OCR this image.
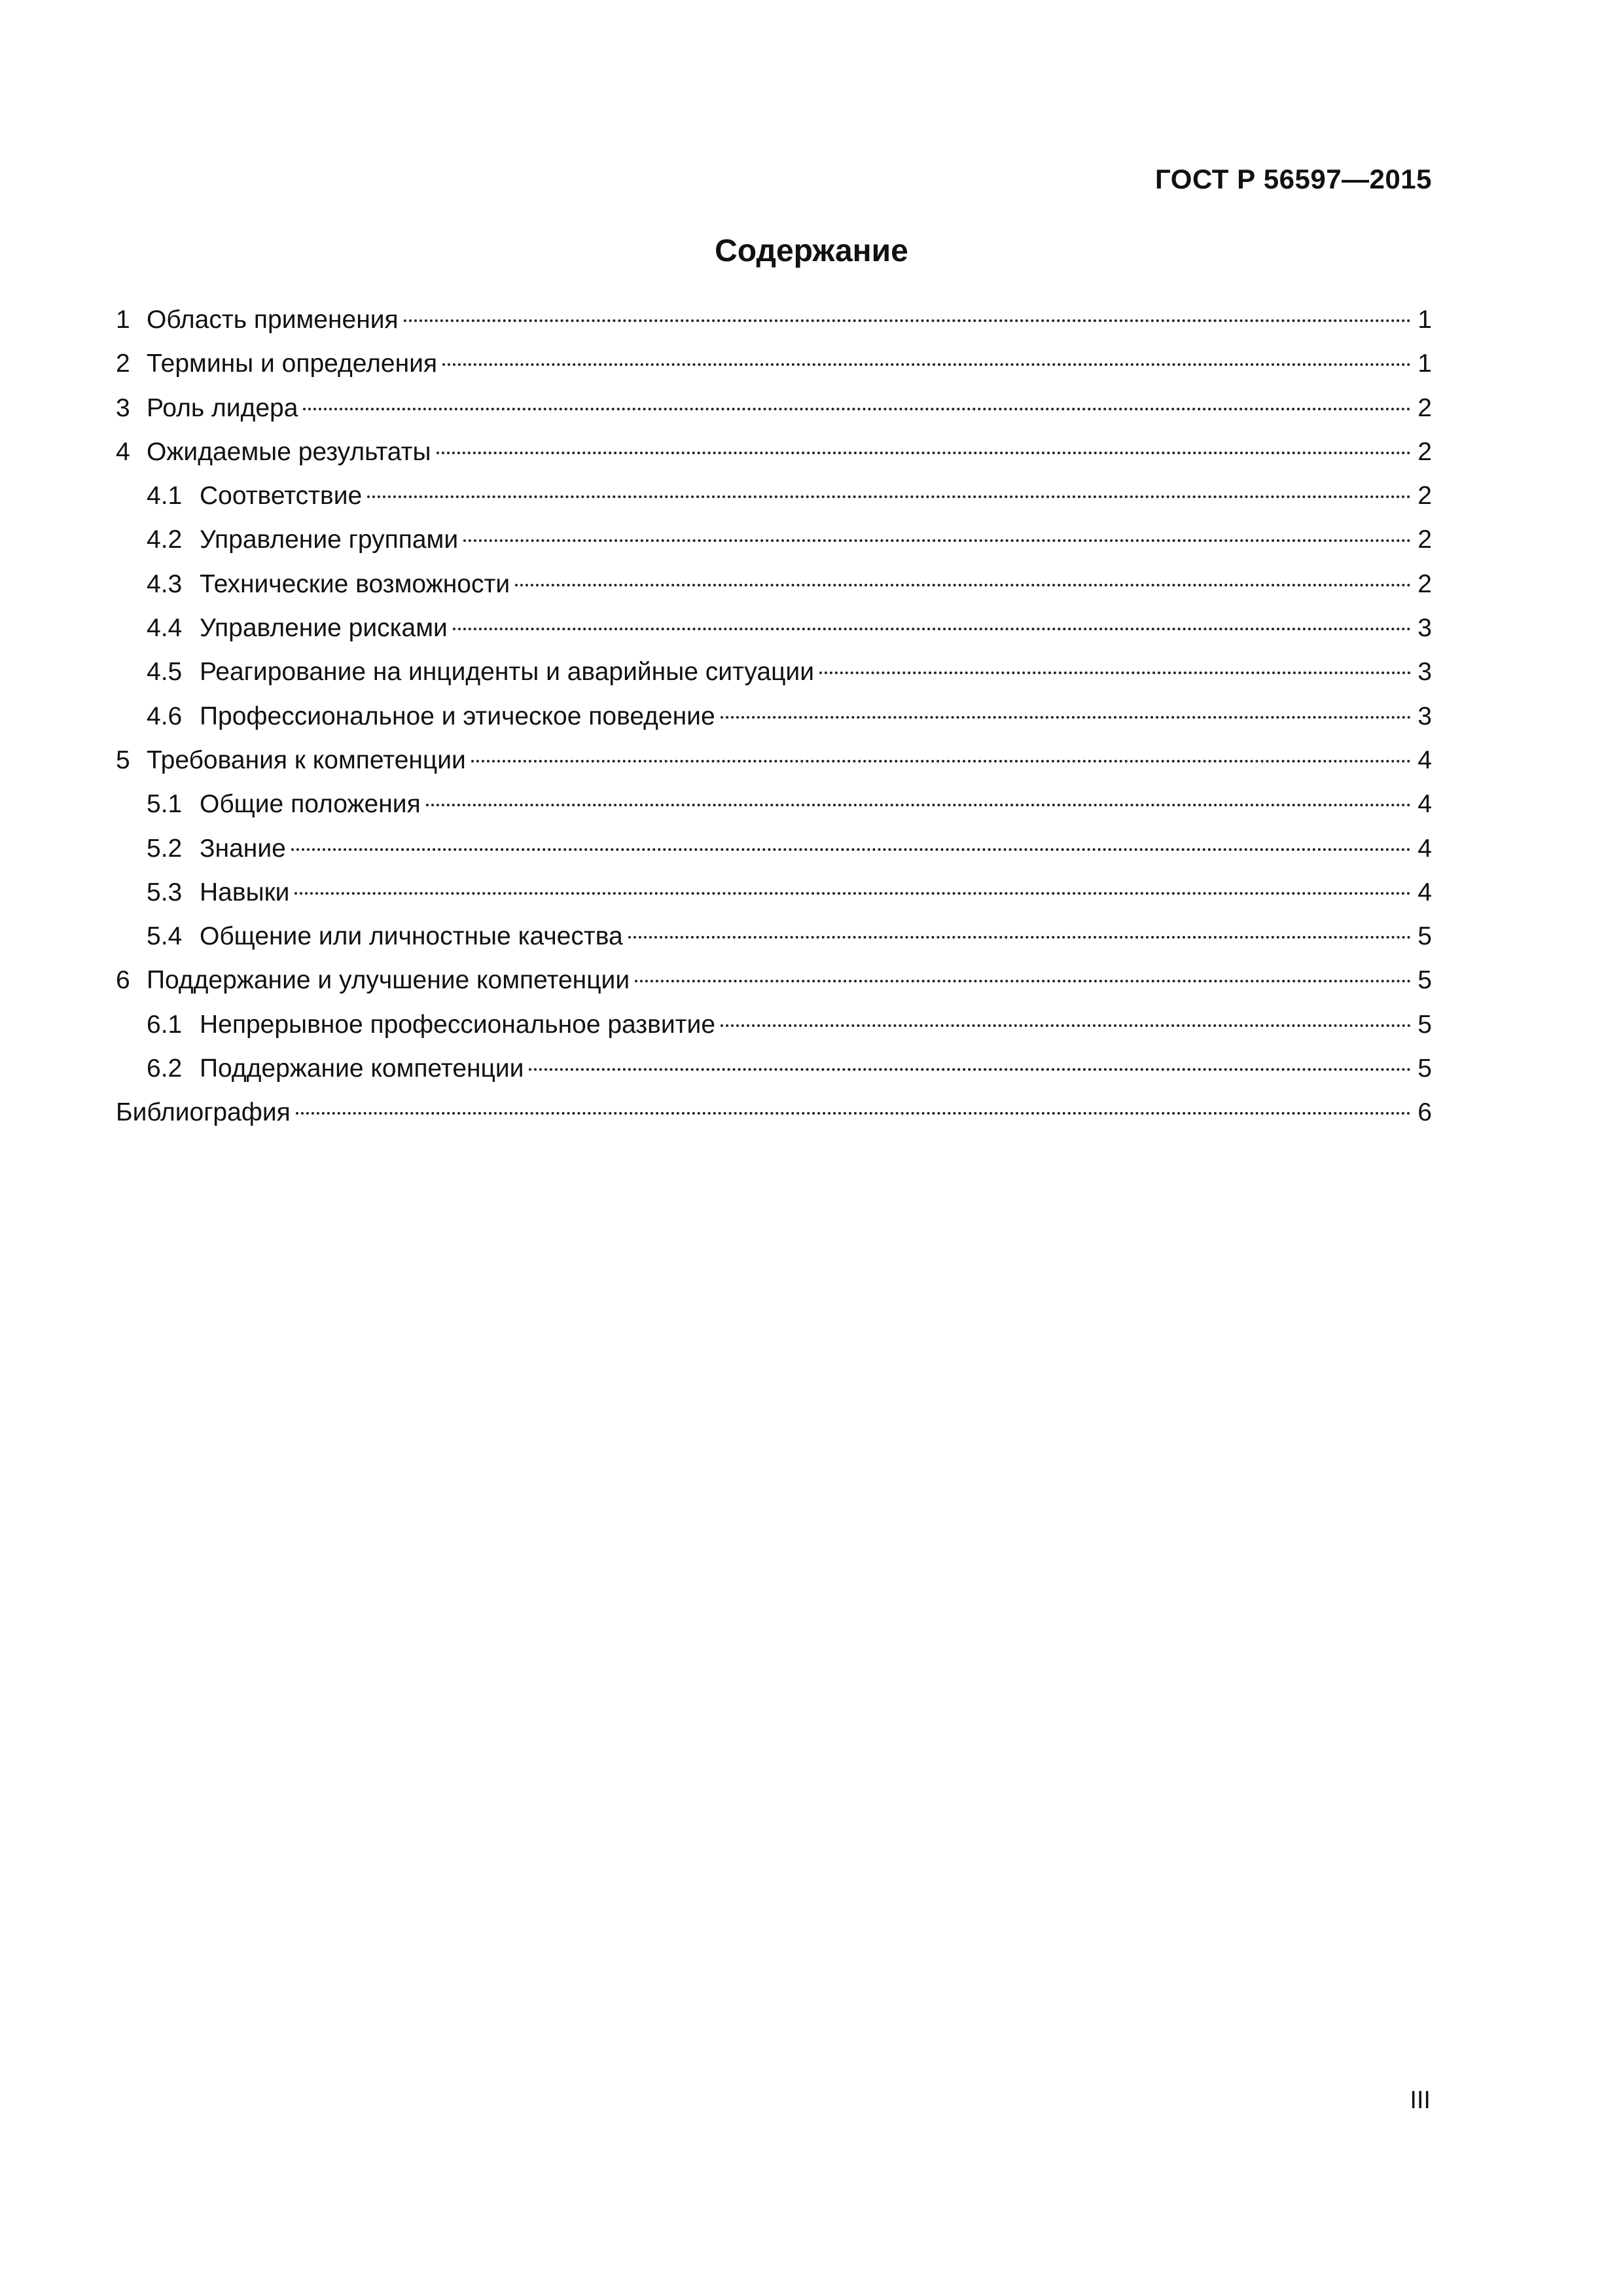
ГОСТ Р 56597—2015
Содержание
1 Область применения	1
2 Термины и определения	1
3 Роль лидера	2
4 Ожидаемые результаты	2
4.1 Соответствие	2
4.2 Управление группами	2
4.3 Технические возможности	2
4.4 Управление рисками	3
4.5 Реагирование на инциденты и аварийные ситуации	3
4.6 Профессиональное и этическое поведение	3
5 Требования к компетенции	4
5.1 Общие положения	4
5.2 Знание	4
5.3 Навыки	4
5.4 Общение или личностные качества	5
6 Поддержание и улучшение компетенции	5
6.1 Непрерывное профессиональное развитие	5
6.2 Поддержание компетенции	5
Библиография	6
III
